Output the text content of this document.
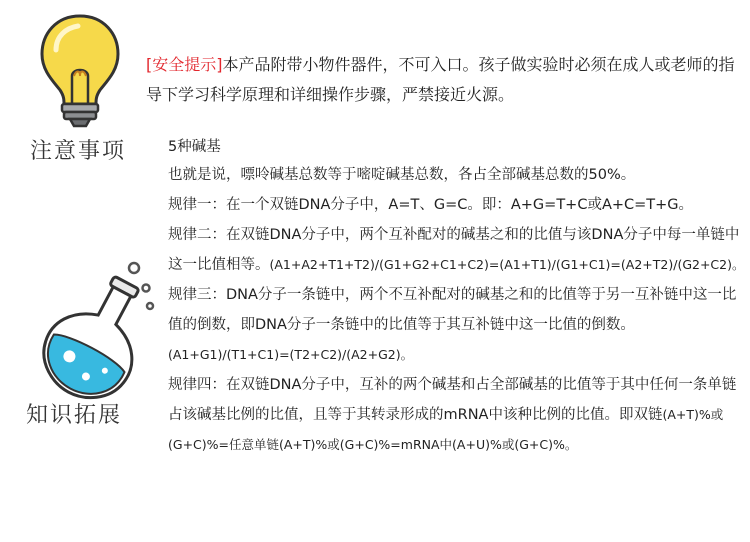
注意事项
知识拓展
[安全提示]本产品附带小物件器件，不可入口。孩子做实验时必须在成人或老师的指导下学习科学原理和详细操作步骤，严禁接近火源。

5种碱基

也就是说，嘌呤碱基总数等于嘧啶碱基总数，各占全部碱基总数的50%。

规律一：在一个双链DNA分子中，A=T、G=C。即：A+G=T+C或A+C=T+G。

规律二：在双链DNA分子中，两个互补配对的碱基之和的比值与该DNA分子中每一单链中这一比值相等。(A1+A2+T1+T2)/(G1+G2+C1+C2)=(A1+T1)/(G1+C1)=(A2+T2)/(G2+C2)。

规律三：DNA分子一条链中，两个不互补配对的碱基之和的比值等于另一互补链中这一比值的倒数，即DNA分子一条链中的比值等于其互补链中这一比值的倒数。(A1+G1)/(T1+C1)=(T2+C2)/(A2+G2)。

规律四：在双链DNA分子中，互补的两个碱基和占全部碱基的比值等于其中任何一条单链占该碱基比例的比值，且等于其转录形成的mRNA中该种比例的比值。即双链(A+T)%或(G+C)%=任意单链(A+T)%或(G+C)%=mRNA中(A+U)%或(G+C)%。
